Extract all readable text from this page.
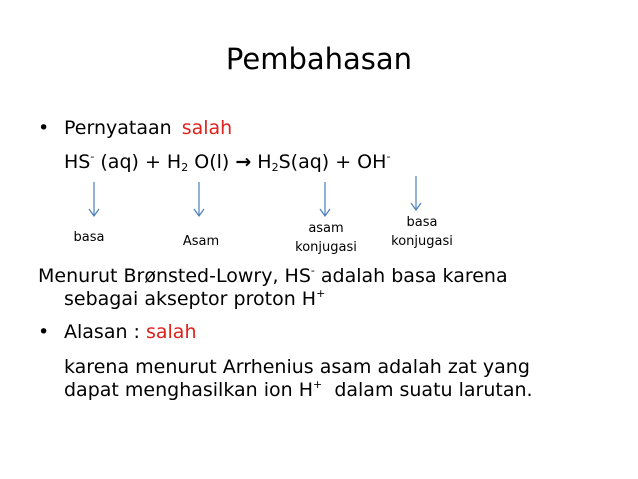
Pembahasan
• Pernyataan salah
HS- $(aq) + H_2$ $O(l) \to H_2S(aq) + OH^-$
basa	Asam
asam
konjugasi
basa
konjugasi
Menurut Brønsted-Lowry, HS- adalah basa karena
sebagai akseptor proton H+
• Alasan : salah
karena menurut Arrhenius asam adalah zat yang
dapat menghasilkan ion H+  dalam suatu larutan.
